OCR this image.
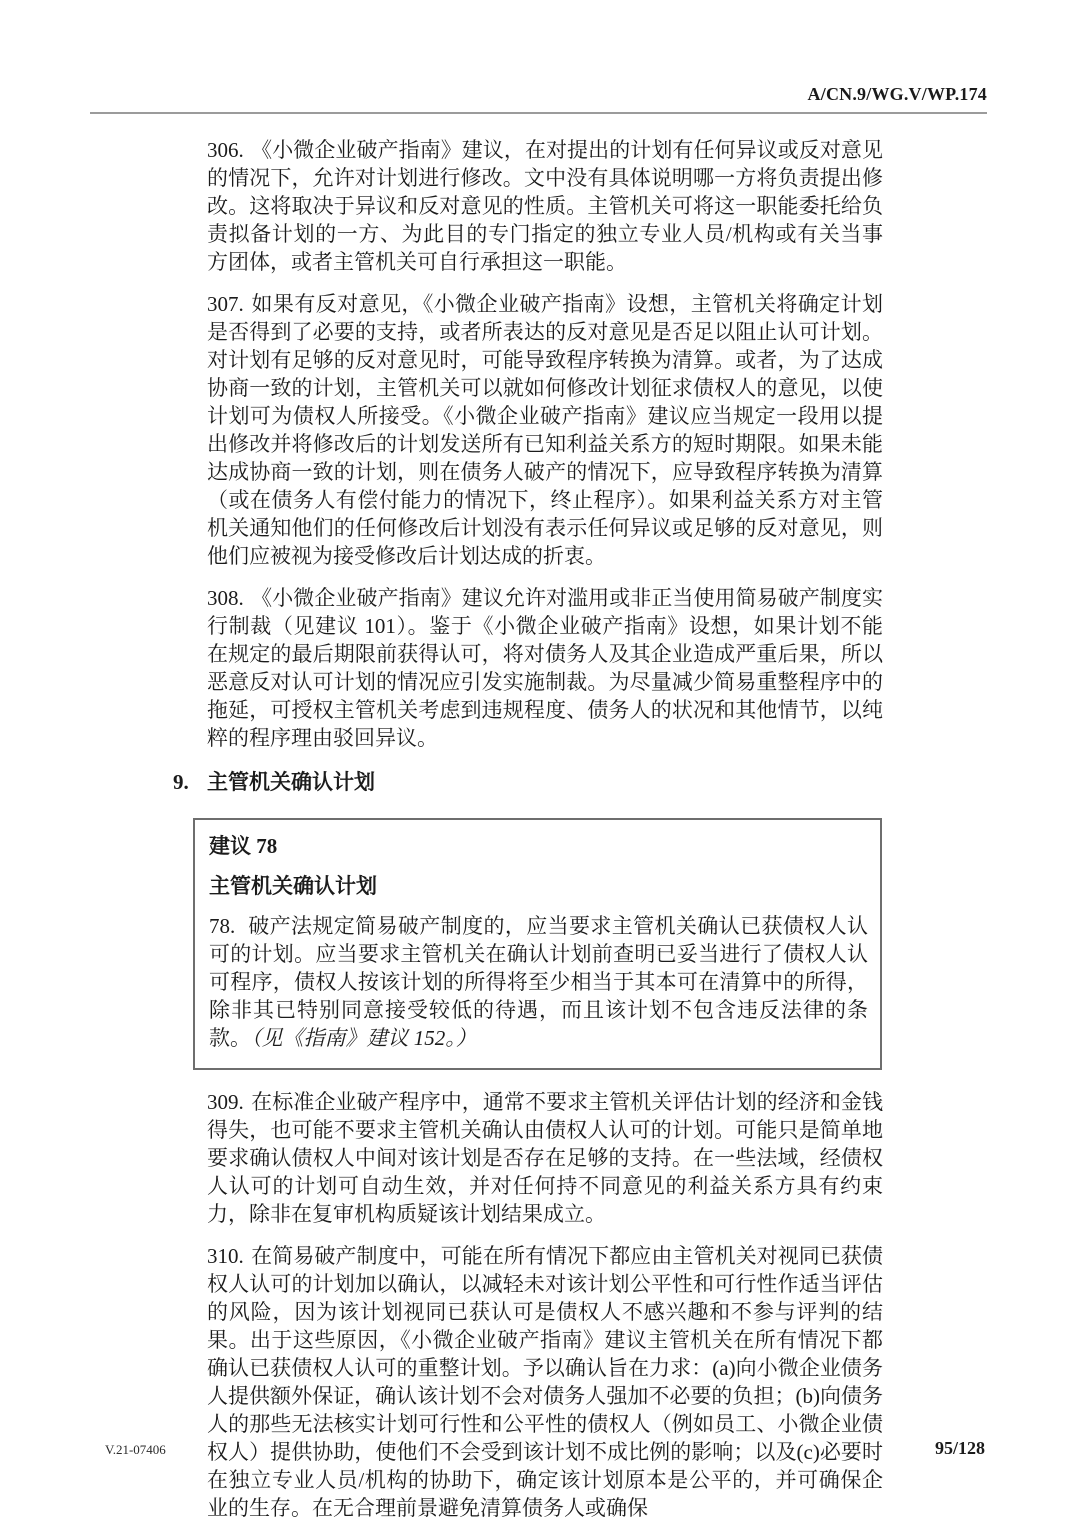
A/CN.9/WG.V/WP.174

306. 《小微企业破产指南》建议，在对提出的计划有任何异议或反对意见的情况下，允许对计划进行修改。文中没有具体说明哪一方将负责提出修改。这将取决于异议和反对意见的性质。主管机关可将这一职能委托给负责拟备计划的一方、为此目的专门指定的独立专业人员/机构或有关当事方团体，或者主管机关可自行承担这一职能。

307. 如果有反对意见，《小微企业破产指南》设想，主管机关将确定计划是否得到了必要的支持，或者所表达的反对意见是否足以阻止认可计划。对计划有足够的反对意见时，可能导致程序转换为清算。或者，为了达成协商一致的计划，主管机关可以就如何修改计划征求债权人的意见，以使计划可为债权人所接受。《小微企业破产指南》建议应当规定一段用以提出修改并将修改后的计划发送所有已知利益关系方的短时期限。如果未能达成协商一致的计划，则在债务人破产的情况下，应导致程序转换为清算（或在债务人有偿付能力的情况下，终止程序）。如果利益关系方对主管机关通知他们的任何修改后计划没有表示任何异议或足够的反对意见，则他们应被视为接受修改后计划达成的折衷。

308. 《小微企业破产指南》建议允许对滥用或非正当使用简易破产制度实行制裁（见建议 101）。鉴于《小微企业破产指南》设想，如果计划不能在规定的最后期限前获得认可，将对债务人及其企业造成严重后果，所以恶意反对认可计划的情况应引发实施制裁。为尽量减少简易重整程序中的拖延，可授权主管机关考虑到违规程度、债务人的状况和其他情节，以纯粹的程序理由驳回异议。

9. 主管机关确认计划
建议 78
主管机关确认计划

78. 破产法规定简易破产制度的，应当要求主管机关确认已获债权人认可的计划。应当要求主管机关在确认计划前查明已妥当进行了债权人认可程序，债权人按该计划的所得将至少相当于其本可在清算中的所得，除非其已特别同意接受较低的待遇，而且该计划不包含违反法律的条款。（见《指南》建议 152。）

309. 在标准企业破产程序中，通常不要求主管机关评估计划的经济和金钱得失，也可能不要求主管机关确认由债权人认可的计划。可能只是简单地要求确认债权人中间对该计划是否存在足够的支持。在一些法域，经债权人认可的计划可自动生效，并对任何持不同意见的利益关系方具有约束力，除非在复审机构质疑该计划结果成立。

310. 在简易破产制度中，可能在所有情况下都应由主管机关对视同已获债权人认可的计划加以确认，以减轻未对该计划公平性和可行性作适当评估的风险，因为该计划视同已获认可是债权人不感兴趣和不参与评判的结果。出于这些原因，《小微企业破产指南》建议主管机关在所有情况下都确认已获债权人认可的重整计划。予以确认旨在力求：(a)向小微企业债务人提供额外保证，确认该计划不会对债务人强加不必要的负担；(b)向债务人的那些无法核实计划可行性和公平性的债权人（例如员工、小微企业债权人）提供协助，使他们不会受到该计划不成比例的影响；以及(c)必要时在独立专业人员/机构的协助下，确定该计划原本是公平的，并可确保企业的生存。在无合理前景避免清算债务人或确保

V.21-07406	95/128
